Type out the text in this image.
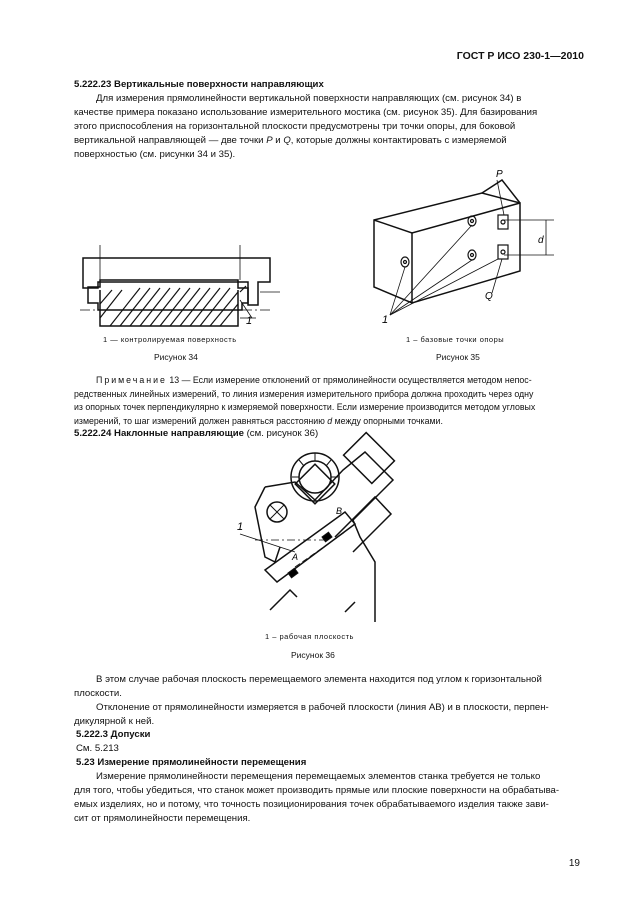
ГОСТ Р ИСО 230-1—2010
5.222.23 Вертикальные поверхности направляющих
Для измерения прямолинейности вертикальной поверхности направляющих (см. рисунок 34) в
качестве примера показано использование измерительного мостика (см. рисунок 35). Для базирования
этого приспособления на горизонтальной плоскости предусмотрены три точки опоры, для боковой
вертикальной направляющей — две точки P и Q, которые должны контактировать с измеряемой
поверхностью (см. рисунки 34 и 35).
1
1 — контролируемая поверхность
Рисунок 34
P
Q
d
1
1 – базовые точки опоры
Рисунок 35
Примечание 13 — Если измерение отклонений от прямолинейности осуществляется методом непос-
редственных линейных измерений, то линия измерения измерительного прибора должна проходить через одну
из опорных точек перпендикулярно к измеряемой поверхности. Если измерение производится методом угловых
измерений, то шаг измерений должен равняться расстоянию d между опорными точками.
5.222.24 Наклонные направляющие (см. рисунок 36)
1
A
B
1 – рабочая плоскость
Рисунок 36
В этом случае рабочая плоскость перемещаемого элемента находится под углом к горизонтальной
плоскости.
Отклонение от прямолинейности измеряется в рабочей плоскости (линия AB) и в плоскости, перпен-
дикулярной к ней.
5.222.3 Допуски
См. 5.213
5.23 Измерение прямолинейности перемещения
Измерение прямолинейности перемещения перемещаемых элементов станка требуется не только
для того, чтобы убедиться, что станок может производить прямые или плоские поверхности на обрабатыва-
емых изделиях, но и потому, что точность позиционирования точек обрабатываемого изделия также зави-
сит от прямолинейности перемещения.
19
